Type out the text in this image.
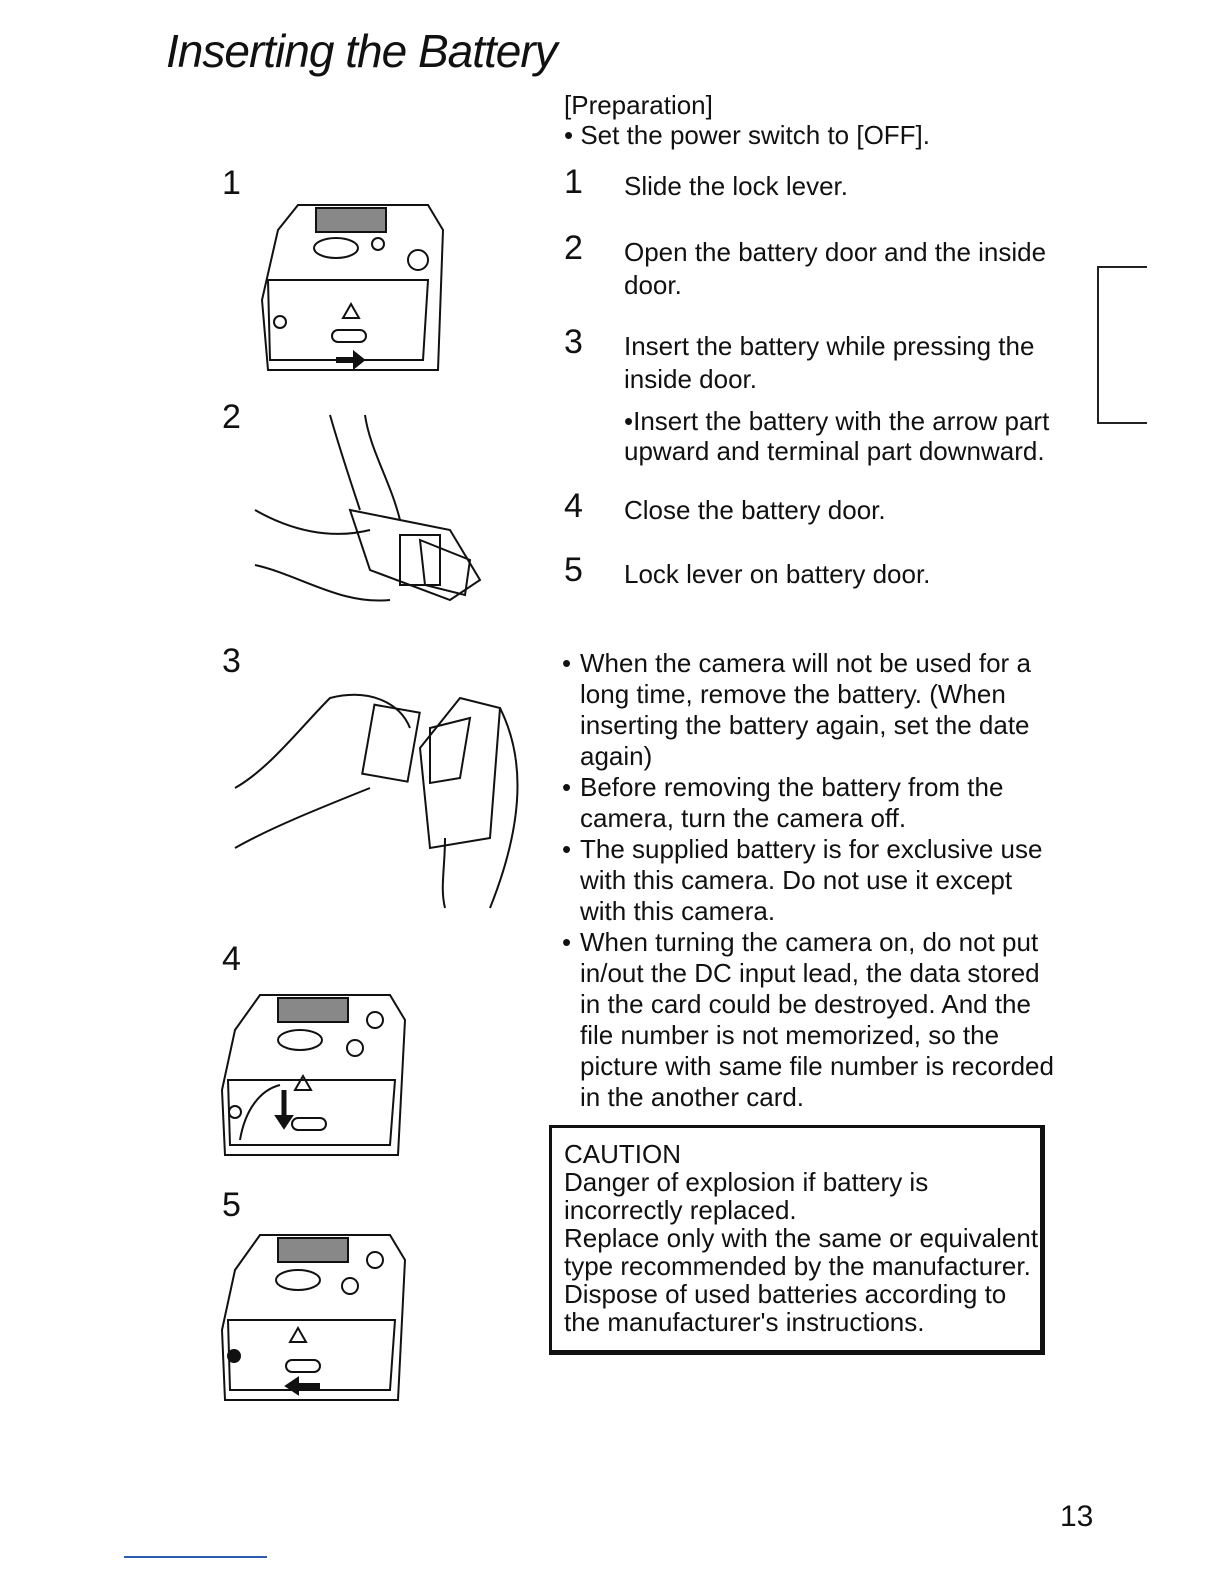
Inserting the Battery
1
2
3
4
5
[Preparation]
• Set the power switch to [OFF].
1 Slide the lock lever.
2 Open the battery door and the inside door.
3 Insert the battery while pressing the inside door.
•Insert the battery with the arrow part upward and terminal part downward.
4 Close the battery door.
5 Lock lever on battery door.
• When the camera will not be used for a long time, remove the battery. (When inserting the battery again, set the date again)
• Before removing the battery from the camera, turn the camera off.
• The supplied battery is for exclusive use with this camera. Do not use it except with this camera.
• When turning the camera on, do not put in/out the DC input lead, the data stored in the card could be destroyed. And the file number is not memorized, so the picture with same file number is recorded in the another card.
CAUTION
Danger of explosion if battery is incorrectly replaced.
Replace only with the same or equivalent type recommended by the manufacturer.
Dispose of used batteries according to the manufacturer's instructions.
13
